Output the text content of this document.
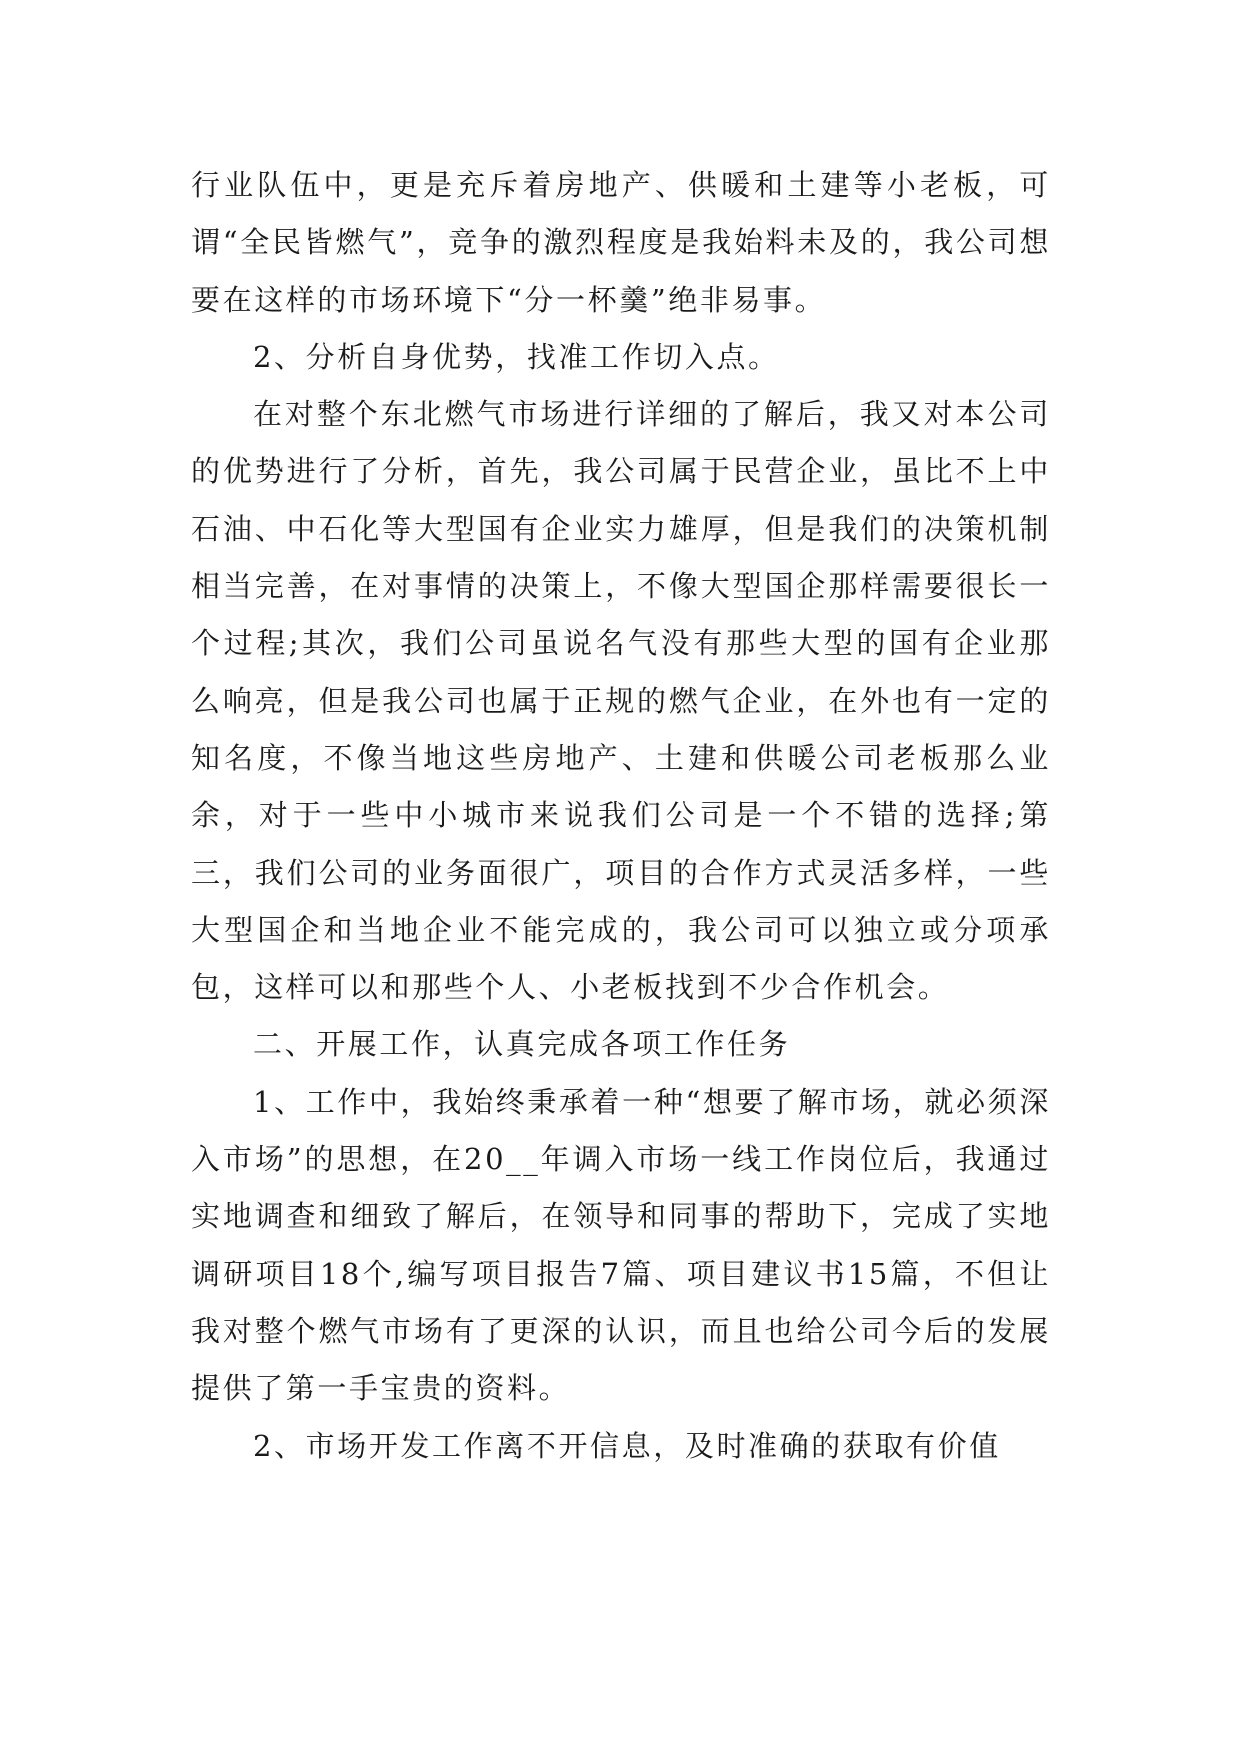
行业队伍中，更是充斥着房地产、供暖和土建等小老板，可谓“全民皆燃气”，竞争的激烈程度是我始料未及的，我公司想要在这样的市场环境下“分一杯羹”绝非易事。

2、分析自身优势，找准工作切入点。

在对整个东北燃气市场进行详细的了解后，我又对本公司的优势进行了分析，首先，我公司属于民营企业，虽比不上中石油、中石化等大型国有企业实力雄厚，但是我们的决策机制相当完善，在对事情的决策上，不像大型国企那样需要很长一个过程;其次，我们公司虽说名气没有那些大型的国有企业那么响亮，但是我公司也属于正规的燃气企业，在外也有一定的知名度，不像当地这些房地产、土建和供暖公司老板那么业余，对于一些中小城市来说我们公司是一个不错的选择;第三，我们公司的业务面很广，项目的合作方式灵活多样，一些大型国企和当地企业不能完成的，我公司可以独立或分项承包，这样可以和那些个人、小老板找到不少合作机会。

二、开展工作，认真完成各项工作任务

1、工作中，我始终秉承着一种“想要了解市场，就必须深入市场”的思想，在20__年调入市场一线工作岗位后，我通过实地调查和细致了解后，在领导和同事的帮助下，完成了实地调研项目18个,编写项目报告7篇、项目建议书15篇，不但让我对整个燃气市场有了更深的认识，而且也给公司今后的发展提供了第一手宝贵的资料。

2、市场开发工作离不开信息，及时准确的获取有价值
